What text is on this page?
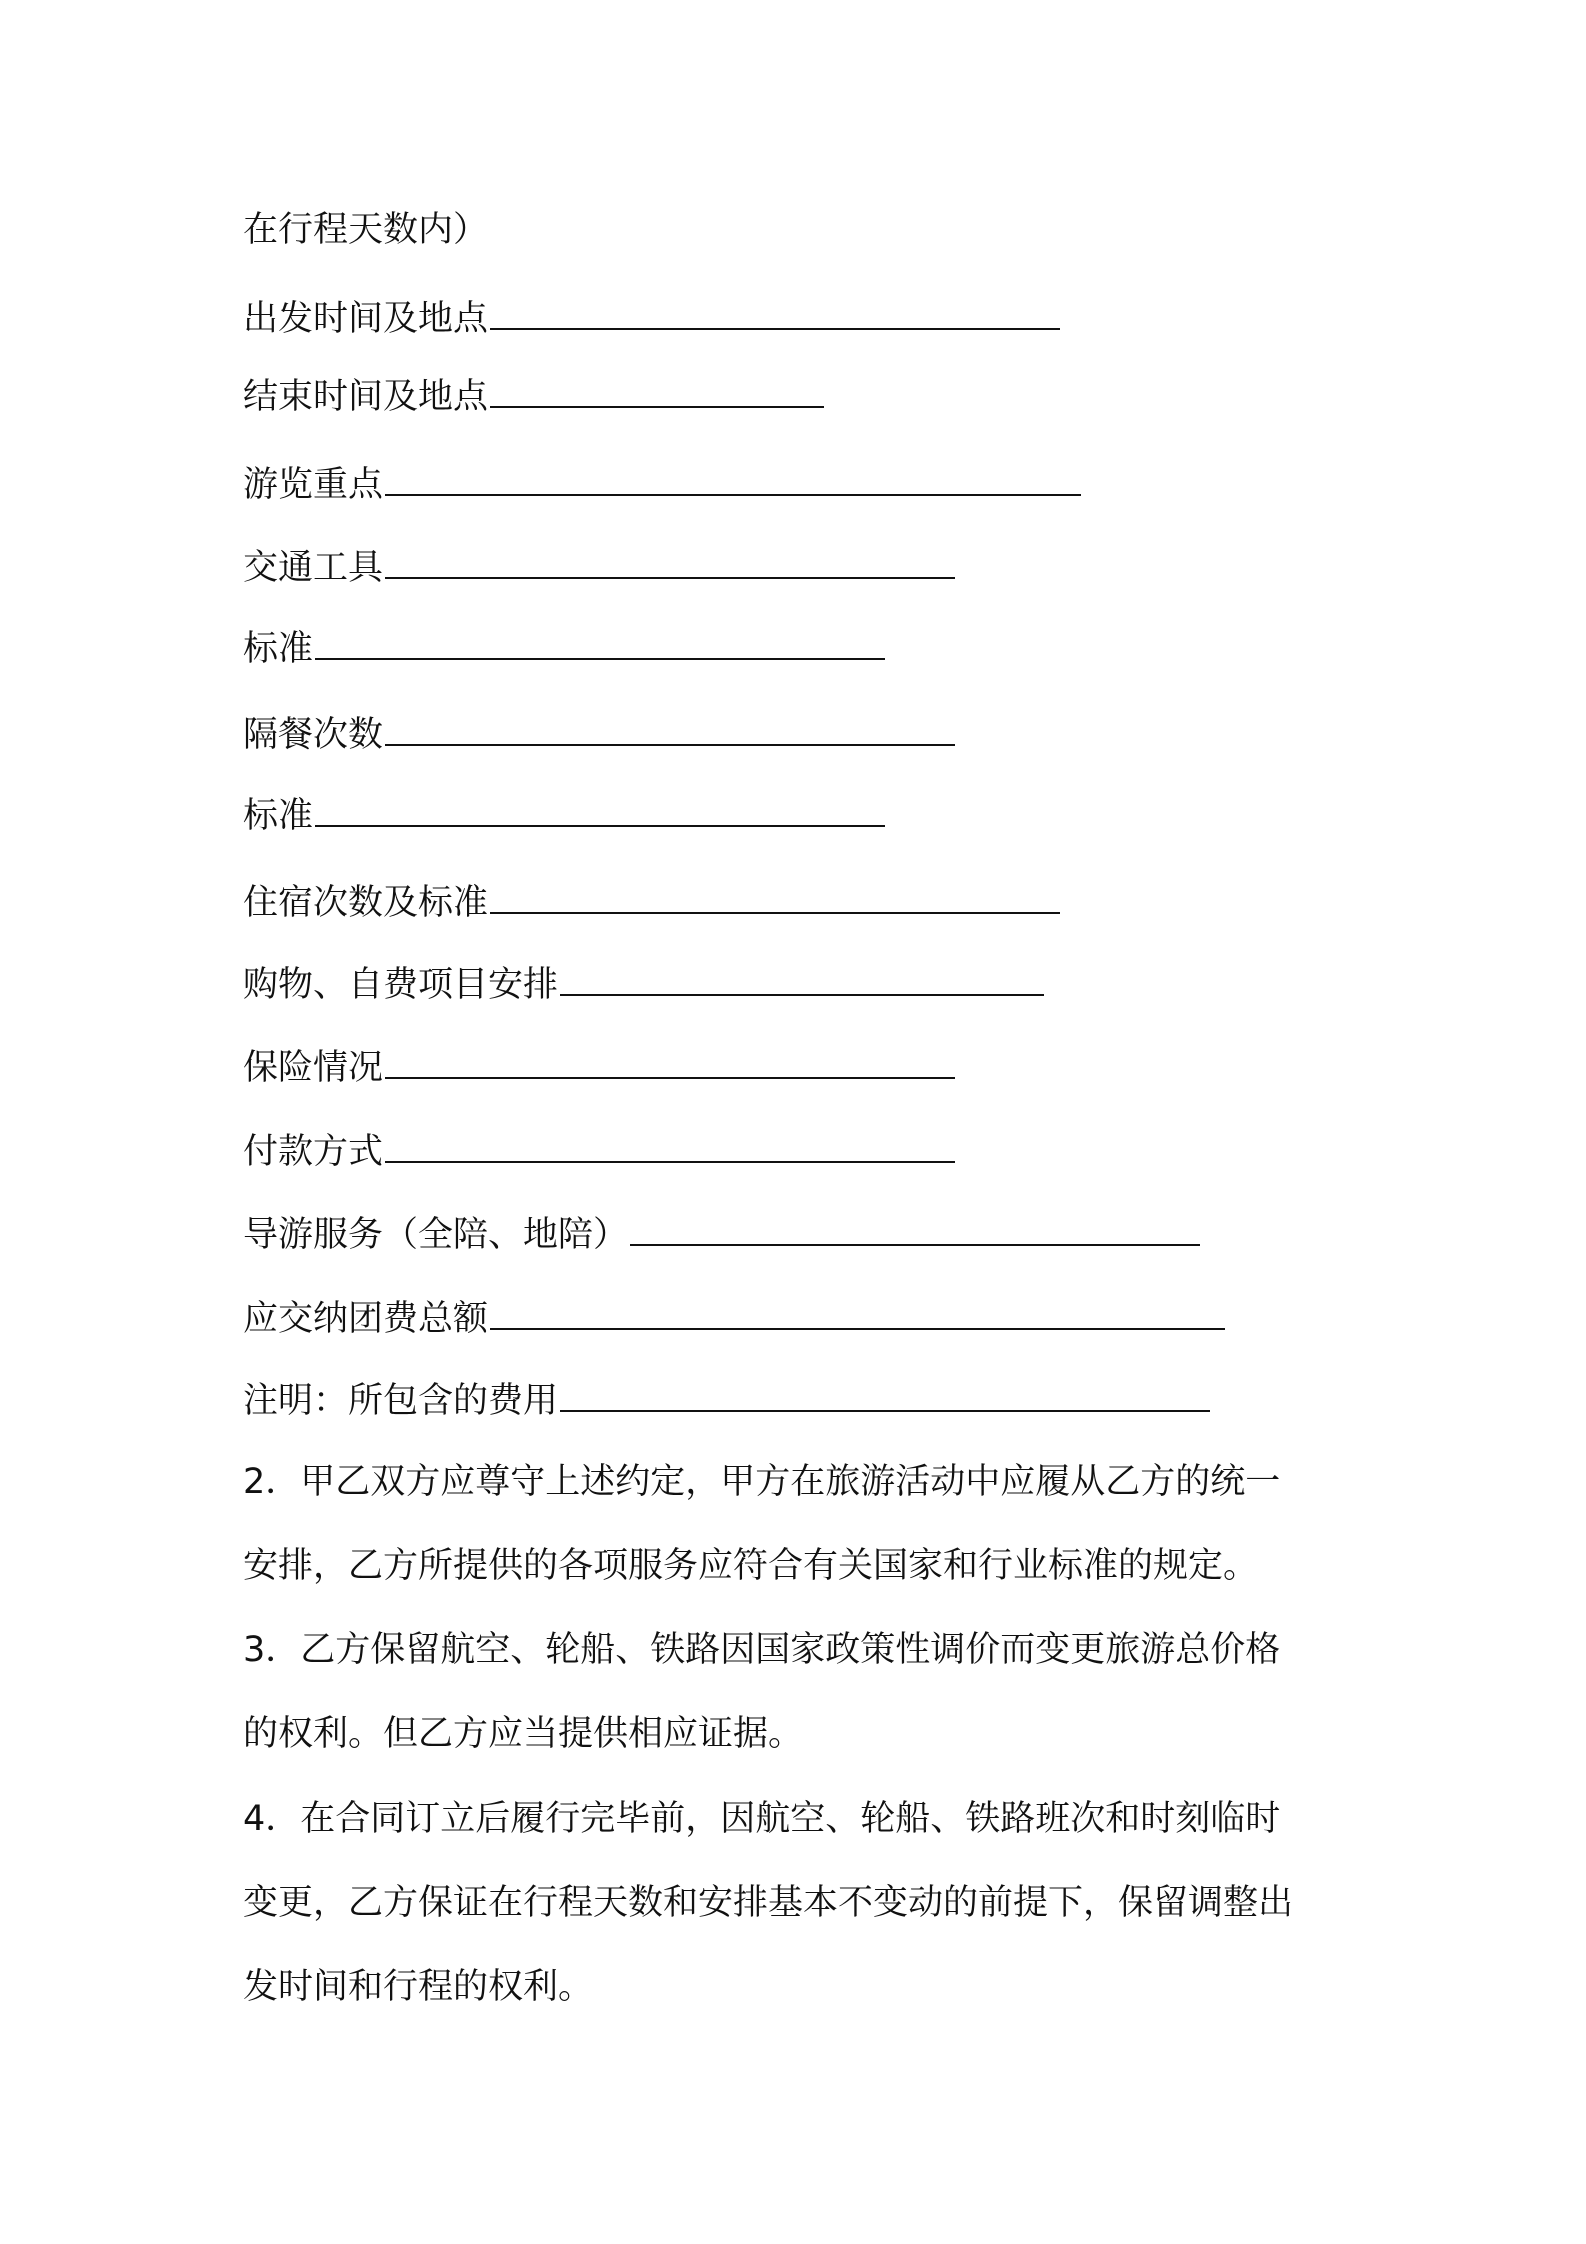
在行程天数内）
出发时间及地点
结束时间及地点
游览重点
交通工具
标准
隔餐次数
标准
住宿次数及标准
购物、自费项目安排
保险情况
付款方式
导游服务（全陪、地陪）
应交纳团费总额
注明：所包含的费用
2．甲乙双方应尊守上述约定，甲方在旅游活动中应履从乙方的统一
安排，乙方所提供的各项服务应符合有关国家和行业标准的规定。
3．乙方保留航空、轮船、铁路因国家政策性调价而变更旅游总价格
的权利。但乙方应当提供相应证据。
4．在合同订立后履行完毕前，因航空、轮船、铁路班次和时刻临时
变更，乙方保证在行程天数和安排基本不变动的前提下，保留调整出
发时间和行程的权利。
